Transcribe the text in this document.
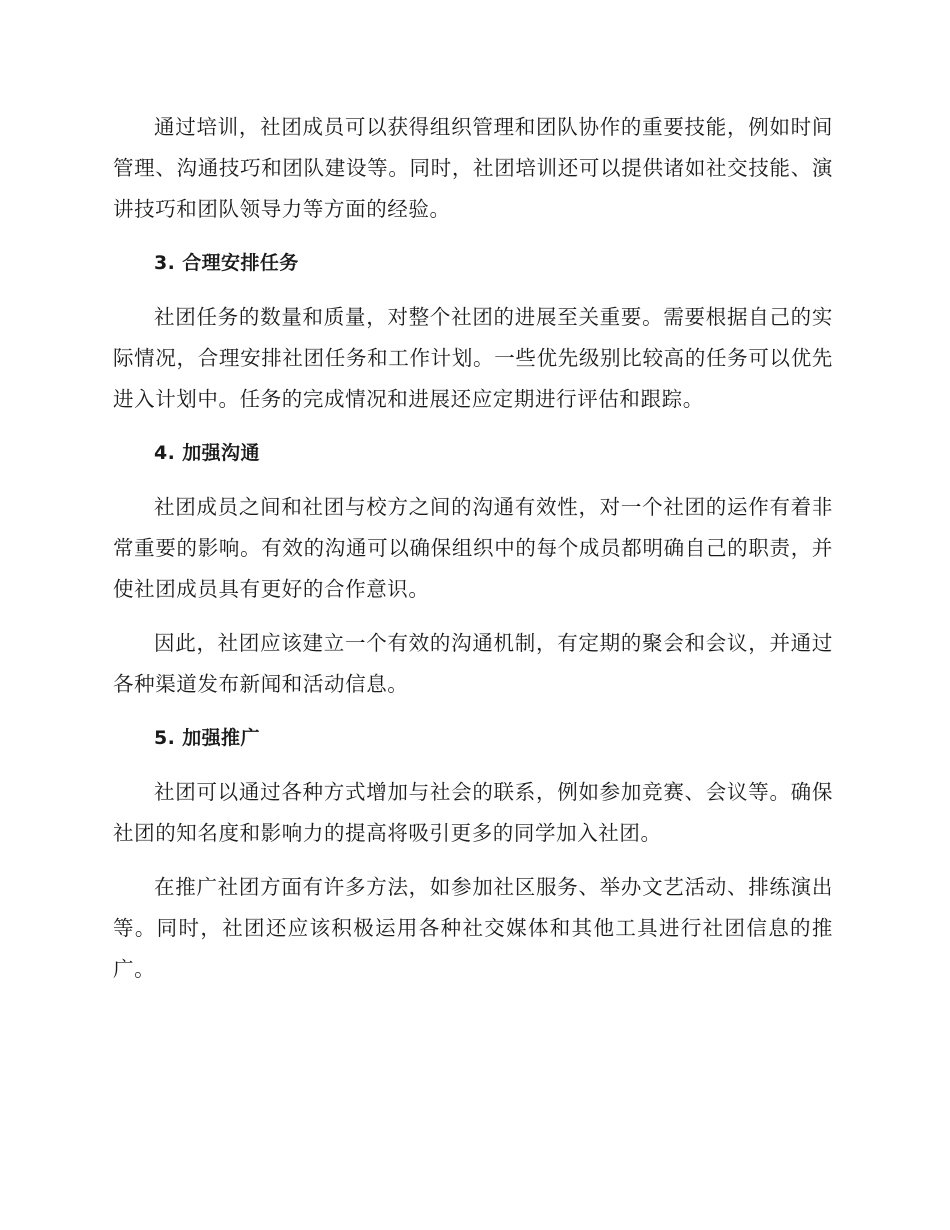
通过培训，社团成员可以获得组织管理和团队协作的重要技能，例如时间管理、沟通技巧和团队建设等。同时，社团培训还可以提供诸如社交技能、演讲技巧和团队领导力等方面的经验。

3. 合理安排任务

社团任务的数量和质量，对整个社团的进展至关重要。需要根据自己的实际情况，合理安排社团任务和工作计划。一些优先级别比较高的任务可以优先进入计划中。任务的完成情况和进展还应定期进行评估和跟踪。

4. 加强沟通

社团成员之间和社团与校方之间的沟通有效性，对一个社团的运作有着非常重要的影响。有效的沟通可以确保组织中的每个成员都明确自己的职责，并使社团成员具有更好的合作意识。

因此，社团应该建立一个有效的沟通机制，有定期的聚会和会议，并通过各种渠道发布新闻和活动信息。

5. 加强推广

社团可以通过各种方式增加与社会的联系，例如参加竞赛、会议等。确保社团的知名度和影响力的提高将吸引更多的同学加入社团。

在推广社团方面有许多方法，如参加社区服务、举办文艺活动、排练演出等。同时，社团还应该积极运用各种社交媒体和其他工具进行社团信息的推广。
